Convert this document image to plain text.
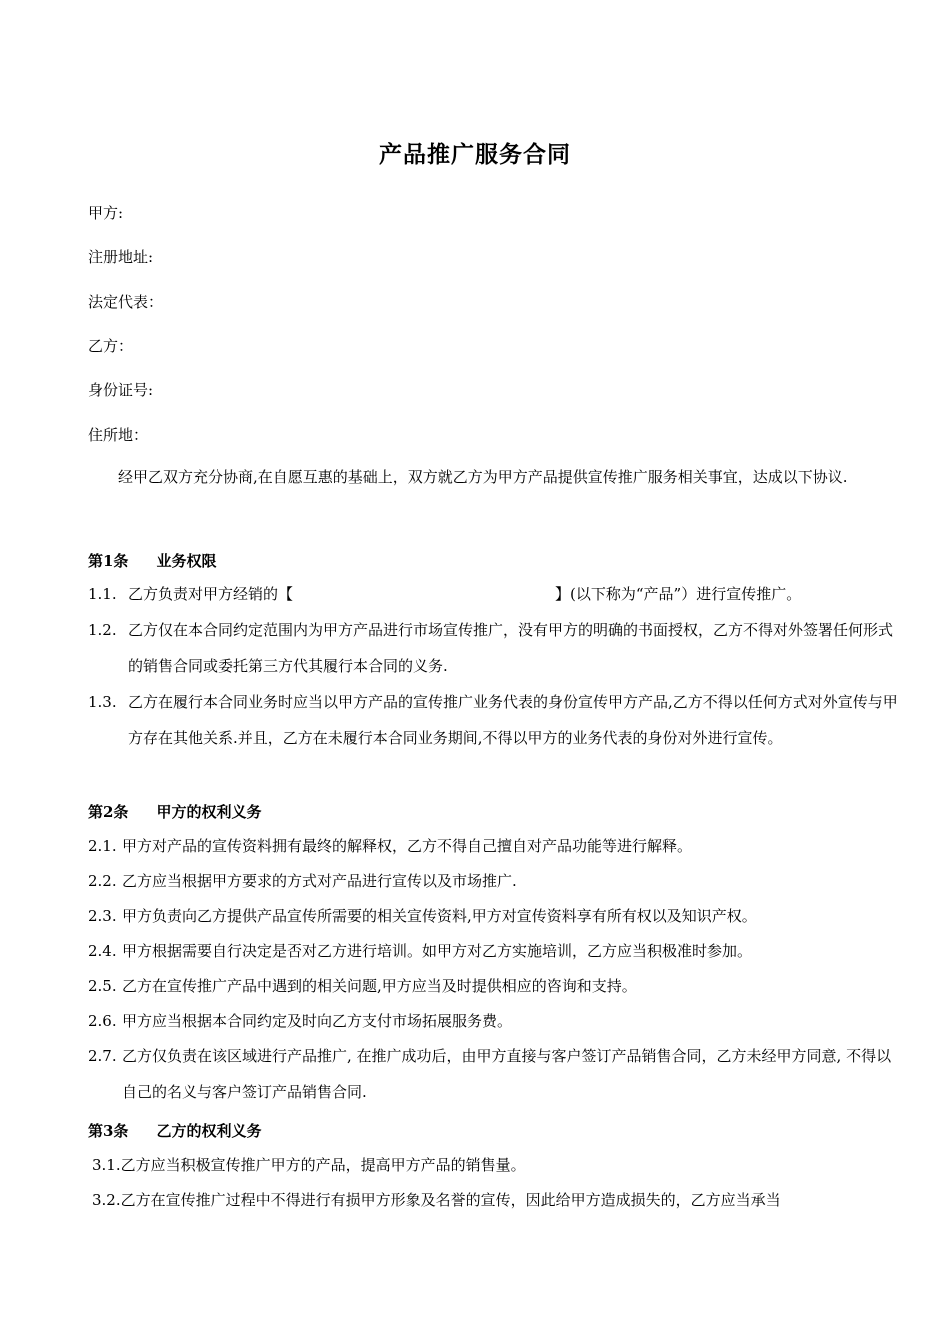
产品推广服务合同
甲方:
注册地址:
法定代表：
乙方：
身份证号:
住所地：
经甲乙双方充分协商,在自愿互惠的基础上，双方就乙方为甲方产品提供宣传推广服务相关事宜，达成以下协议.
第1条 业务权限
1.1. 乙方负责对甲方经销的【	】(以下称为“产品”）进行宣传推广。
1.2. 乙方仅在本合同约定范围内为甲方产品进行市场宣传推广，没有甲方的明确的书面授权，乙方不得对外签署任何形式的销售合同或委托第三方代其履行本合同的义务.
1.3. 乙方在履行本合同业务时应当以甲方产品的宣传推广业务代表的身份宣传甲方产品,乙方不得以任何方式对外宣传与甲方存在其他关系.并且，乙方在未履行本合同业务期间,不得以甲方的业务代表的身份对外进行宣传。
第2条 甲方的权利义务
2.1. 甲方对产品的宣传资料拥有最终的解释权，乙方不得自己擅自对产品功能等进行解释。
2.2. 乙方应当根据甲方要求的方式对产品进行宣传以及市场推广.
2.3. 甲方负责向乙方提供产品宣传所需要的相关宣传资料,甲方对宣传资料享有所有权以及知识产权。
2.4. 甲方根据需要自行决定是否对乙方进行培训。如甲方对乙方实施培训，乙方应当积极准时参加。
2.5. 乙方在宣传推广产品中遇到的相关问题,甲方应当及时提供相应的咨询和支持。
2.6. 甲方应当根据本合同约定及时向乙方支付市场拓展服务费。
2.7. 乙方仅负责在该区域进行产品推广, 在推广成功后，由甲方直接与客户签订产品销售合同，乙方未经甲方同意, 不得以自己的名义与客户签订产品销售合同.
第3条 乙方的权利义务
3.1.乙方应当积极宣传推广甲方的产品，提高甲方产品的销售量。
3.2.乙方在宣传推广过程中不得进行有损甲方形象及名誉的宣传，因此给甲方造成损失的，乙方应当承当
